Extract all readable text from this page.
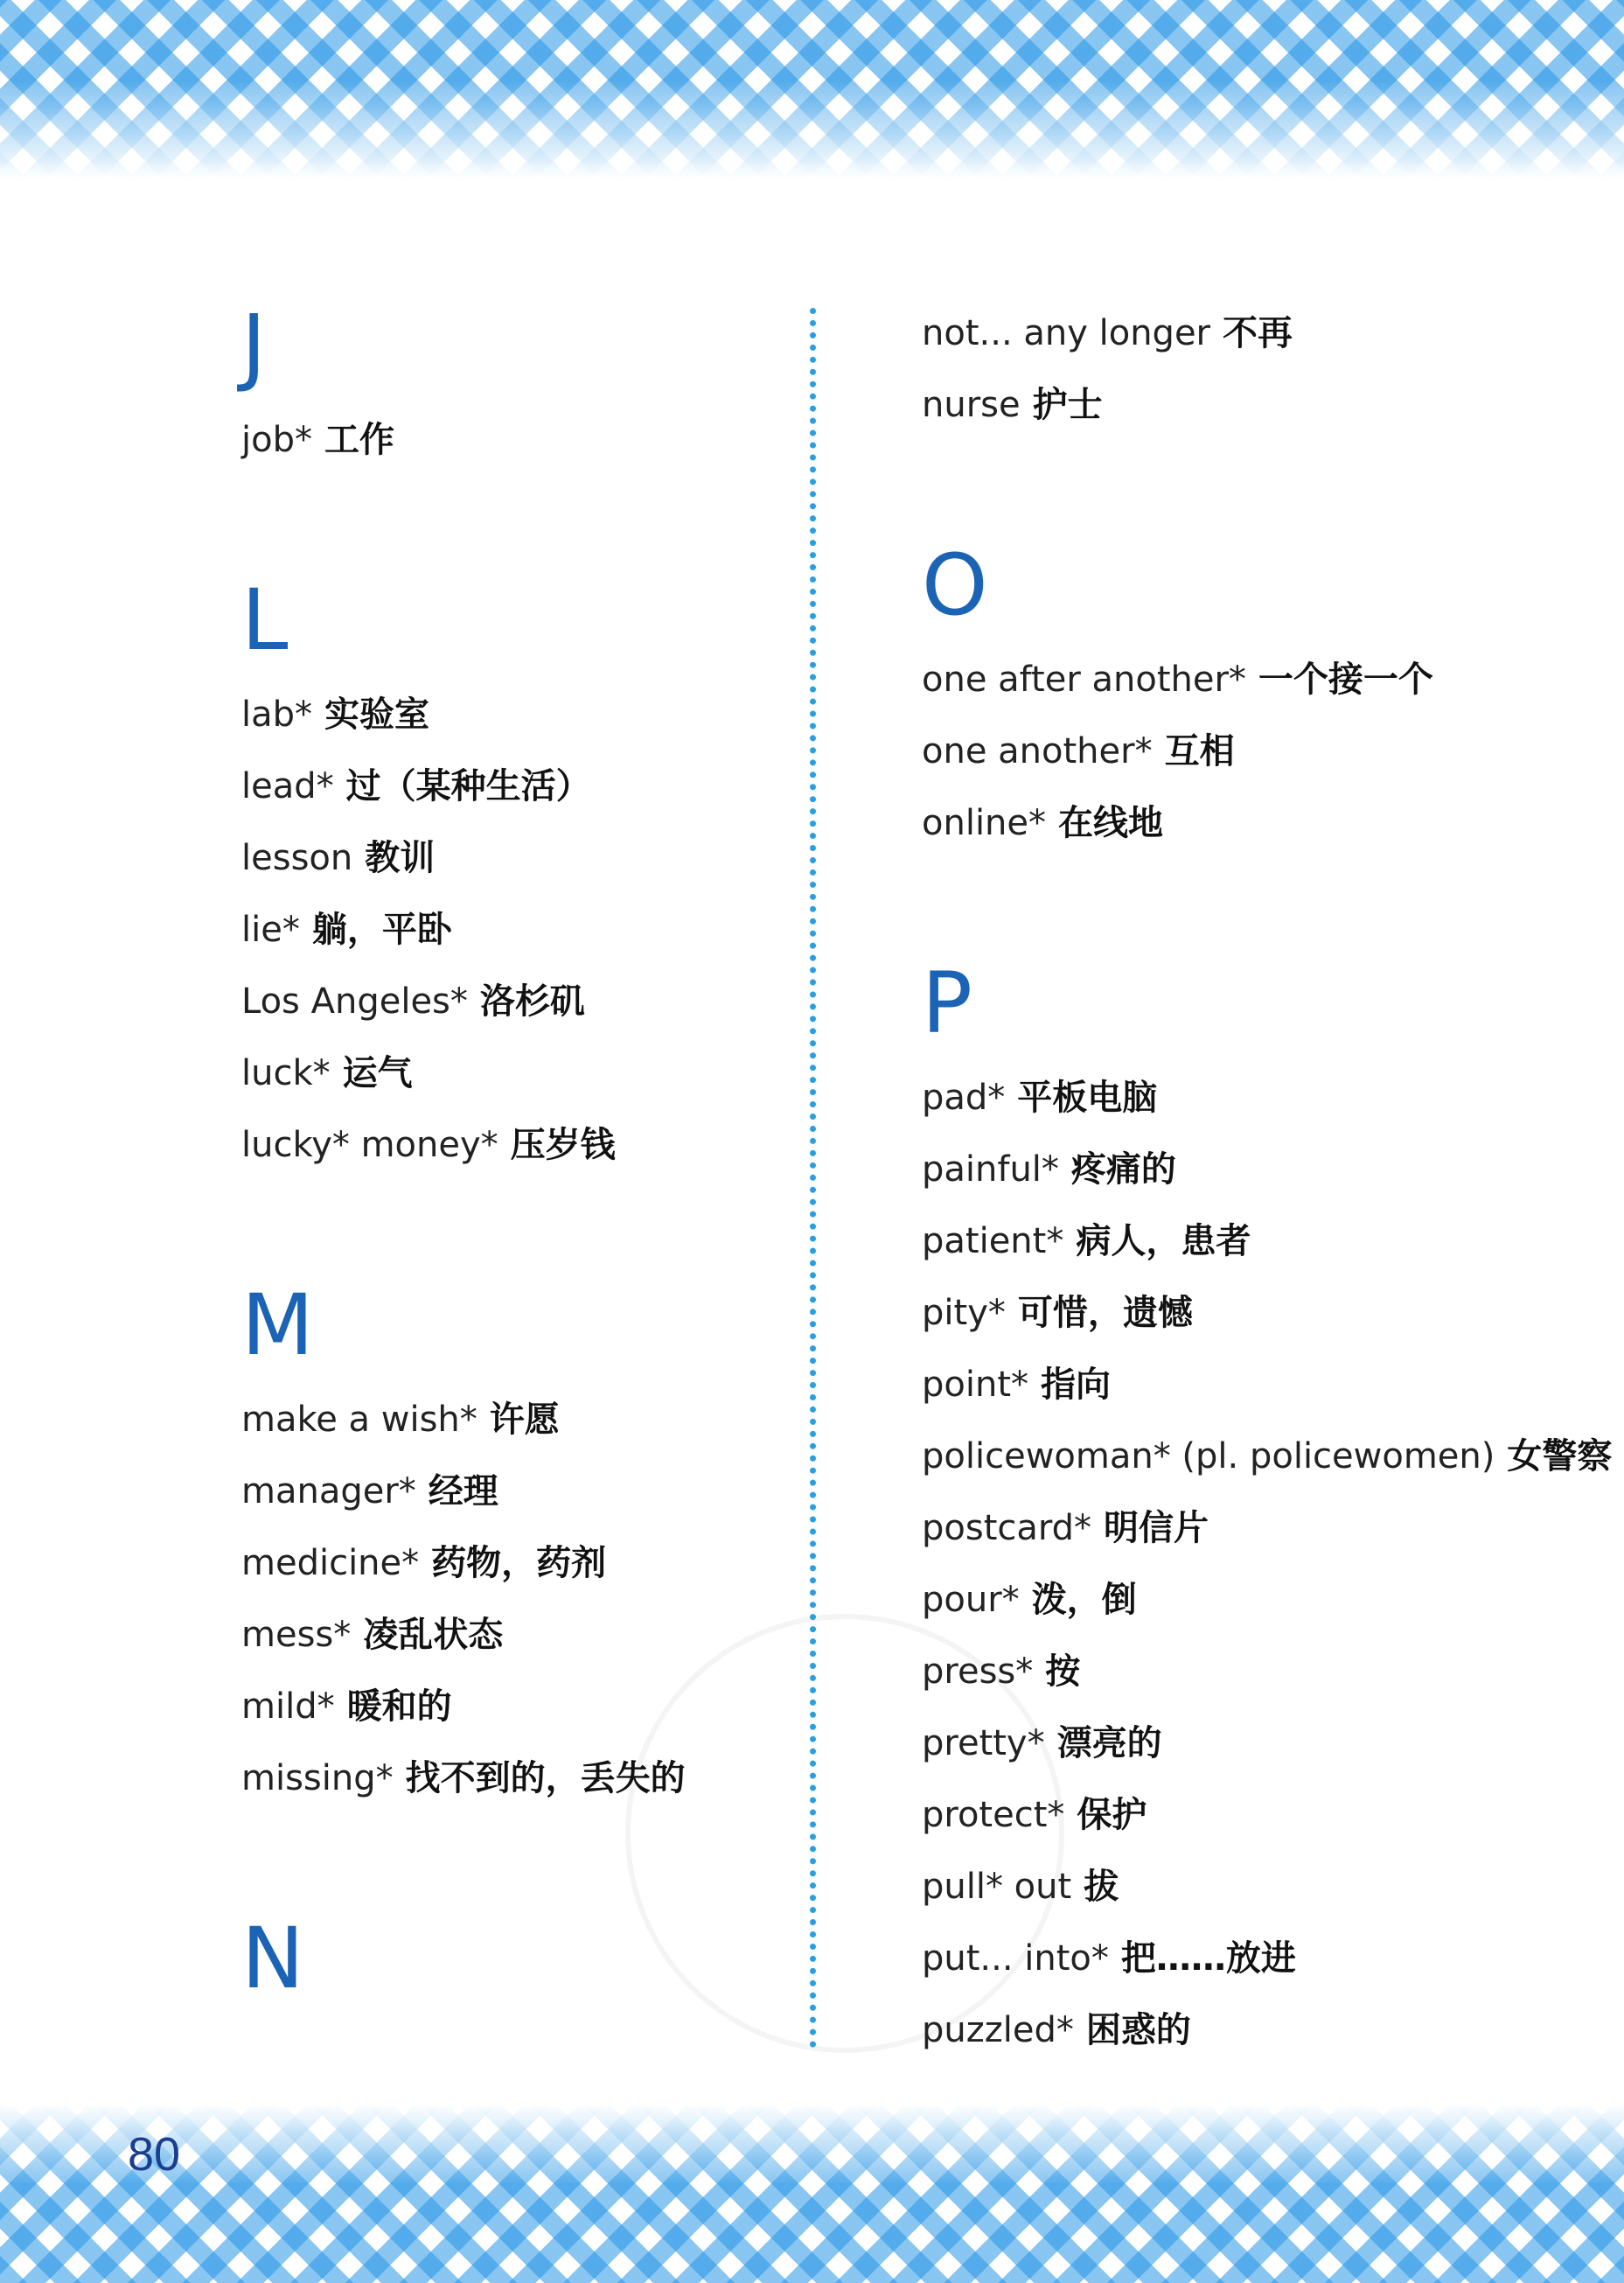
J
job* 工作
L
lab* 实验室
lead* 过（某种生活）
lesson 教训
lie* 躺，平卧
Los Angeles* 洛杉矶
luck* 运气
lucky* money* 压岁钱
M
make a wish* 许愿
manager* 经理
medicine* 药物，药剂
mess* 凌乱状态
mild* 暖和的
missing* 找不到的，丢失的
N
not... any longer 不再
nurse 护士
O
one after another* 一个接一个
one another* 互相
online* 在线地
P
pad* 平板电脑
painful* 疼痛的
patient* 病人，患者
pity* 可惜，遗憾
point* 指向
policewoman* (pl. policewomen) 女警察
postcard* 明信片
pour* 泼，倒
press* 按
pretty* 漂亮的
protect* 保护
pull* out 拔
put... into* 把……放进
puzzled* 困惑的
80
